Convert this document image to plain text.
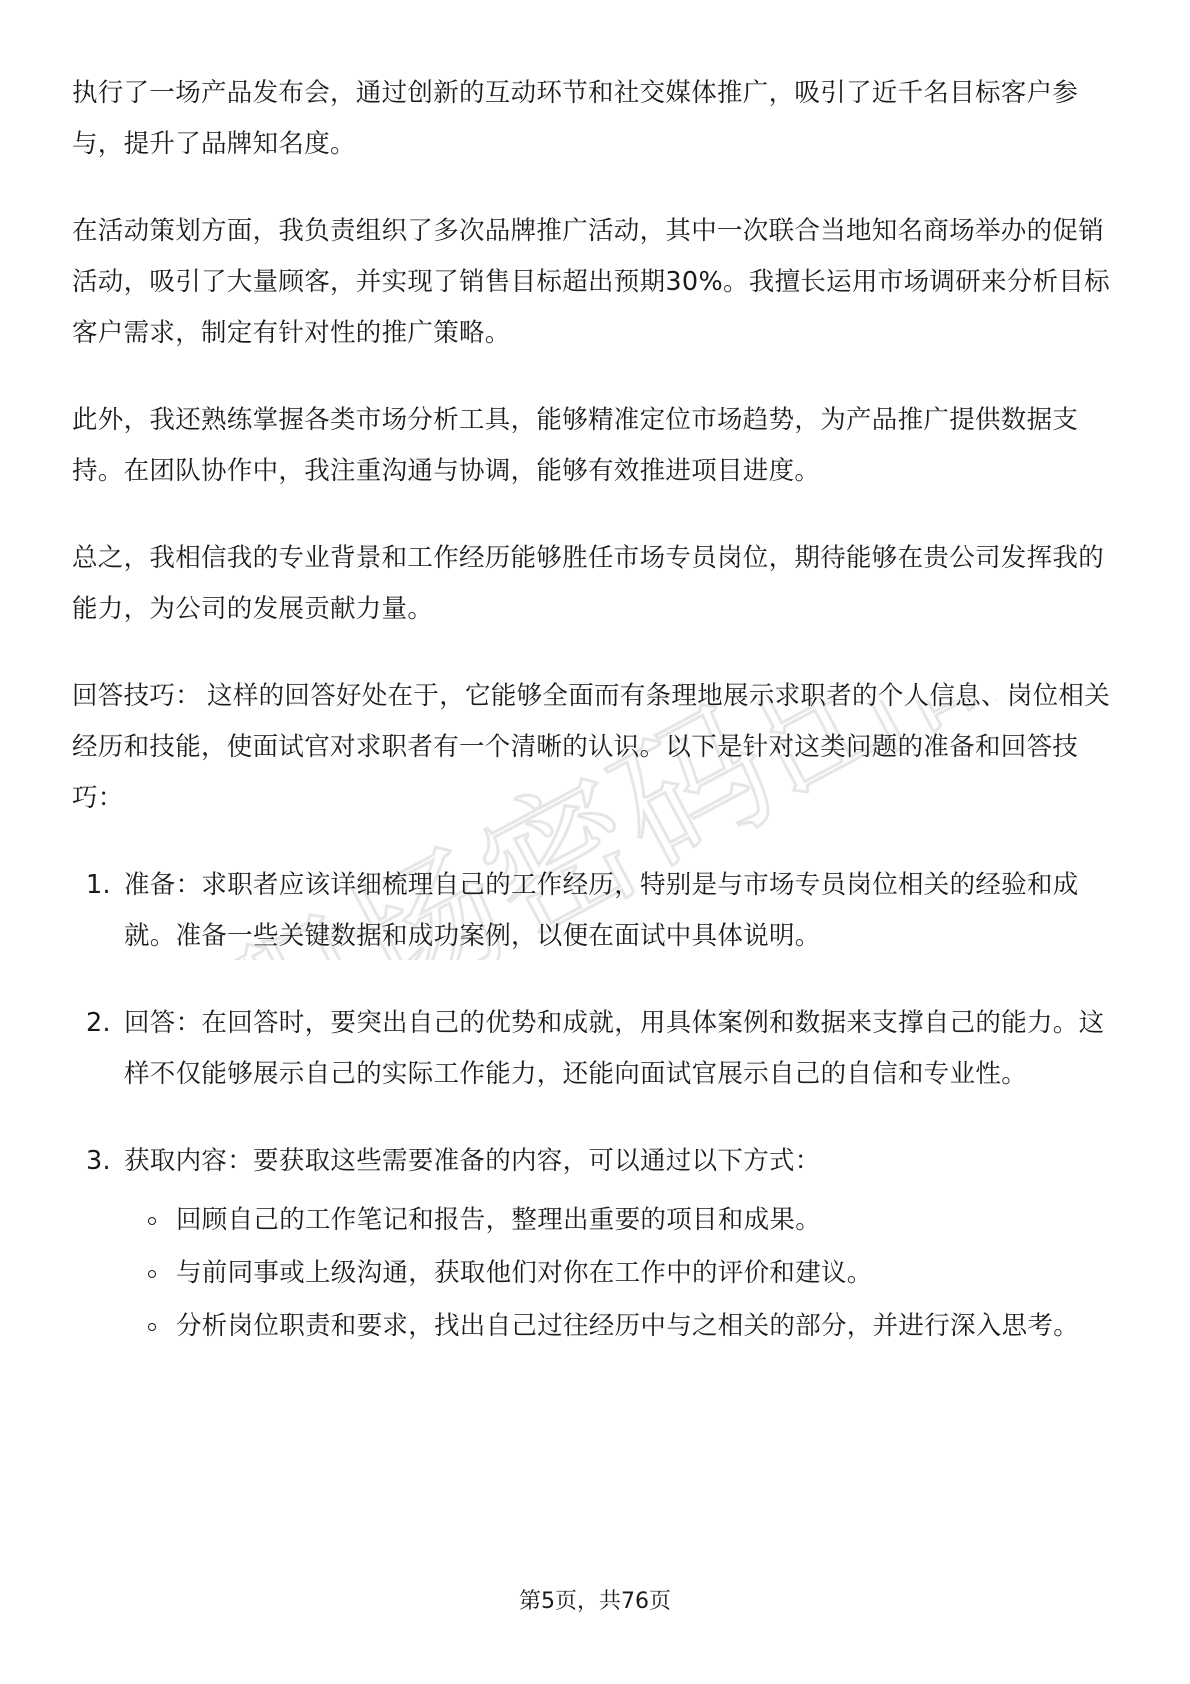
执行了一场产品发布会，通过创新的互动环节和社交媒体推广，吸引了近千名目标客户参与，提升了品牌知名度。

在活动策划方面，我负责组织了多次品牌推广活动，其中一次联合当地知名商场举办的促销活动，吸引了大量顾客，并实现了销售目标超出预期30%。我擅长运用市场调研来分析目标客户需求，制定有针对性的推广策略。

此外，我还熟练掌握各类市场分析工具，能够精准定位市场趋势，为产品推广提供数据支持。在团队协作中，我注重沟通与协调，能够有效推进项目进度。

总之，我相信我的专业背景和工作经历能够胜任市场专员岗位，期待能够在贵公司发挥我的能力，为公司的发展贡献力量。

回答技巧： 这样的回答好处在于，它能够全面而有条理地展示求职者的个人信息、岗位相关经历和技能，使面试官对求职者有一个清晰的认识。以下是针对这类问题的准备和回答技巧：

1. 准备：求职者应该详细梳理自己的工作经历，特别是与市场专员岗位相关的经验和成就。准备一些关键数据和成功案例，以便在面试中具体说明。
2. 回答：在回答时，要突出自己的优势和成就，用具体案例和数据来支撑自己的能力。这样不仅能够展示自己的实际工作能力，还能向面试官展示自己的自信和专业性。
3. 获取内容：要获取这些需要准备的内容，可以通过以下方式：
回顾自己的工作笔记和报告，整理出重要的项目和成果。
与前同事或上级沟通，获取他们对你在工作中的评价和建议。
分析岗位职责和要求，找出自己过往经历中与之相关的部分，并进行深入思考。
第5页，共76页
